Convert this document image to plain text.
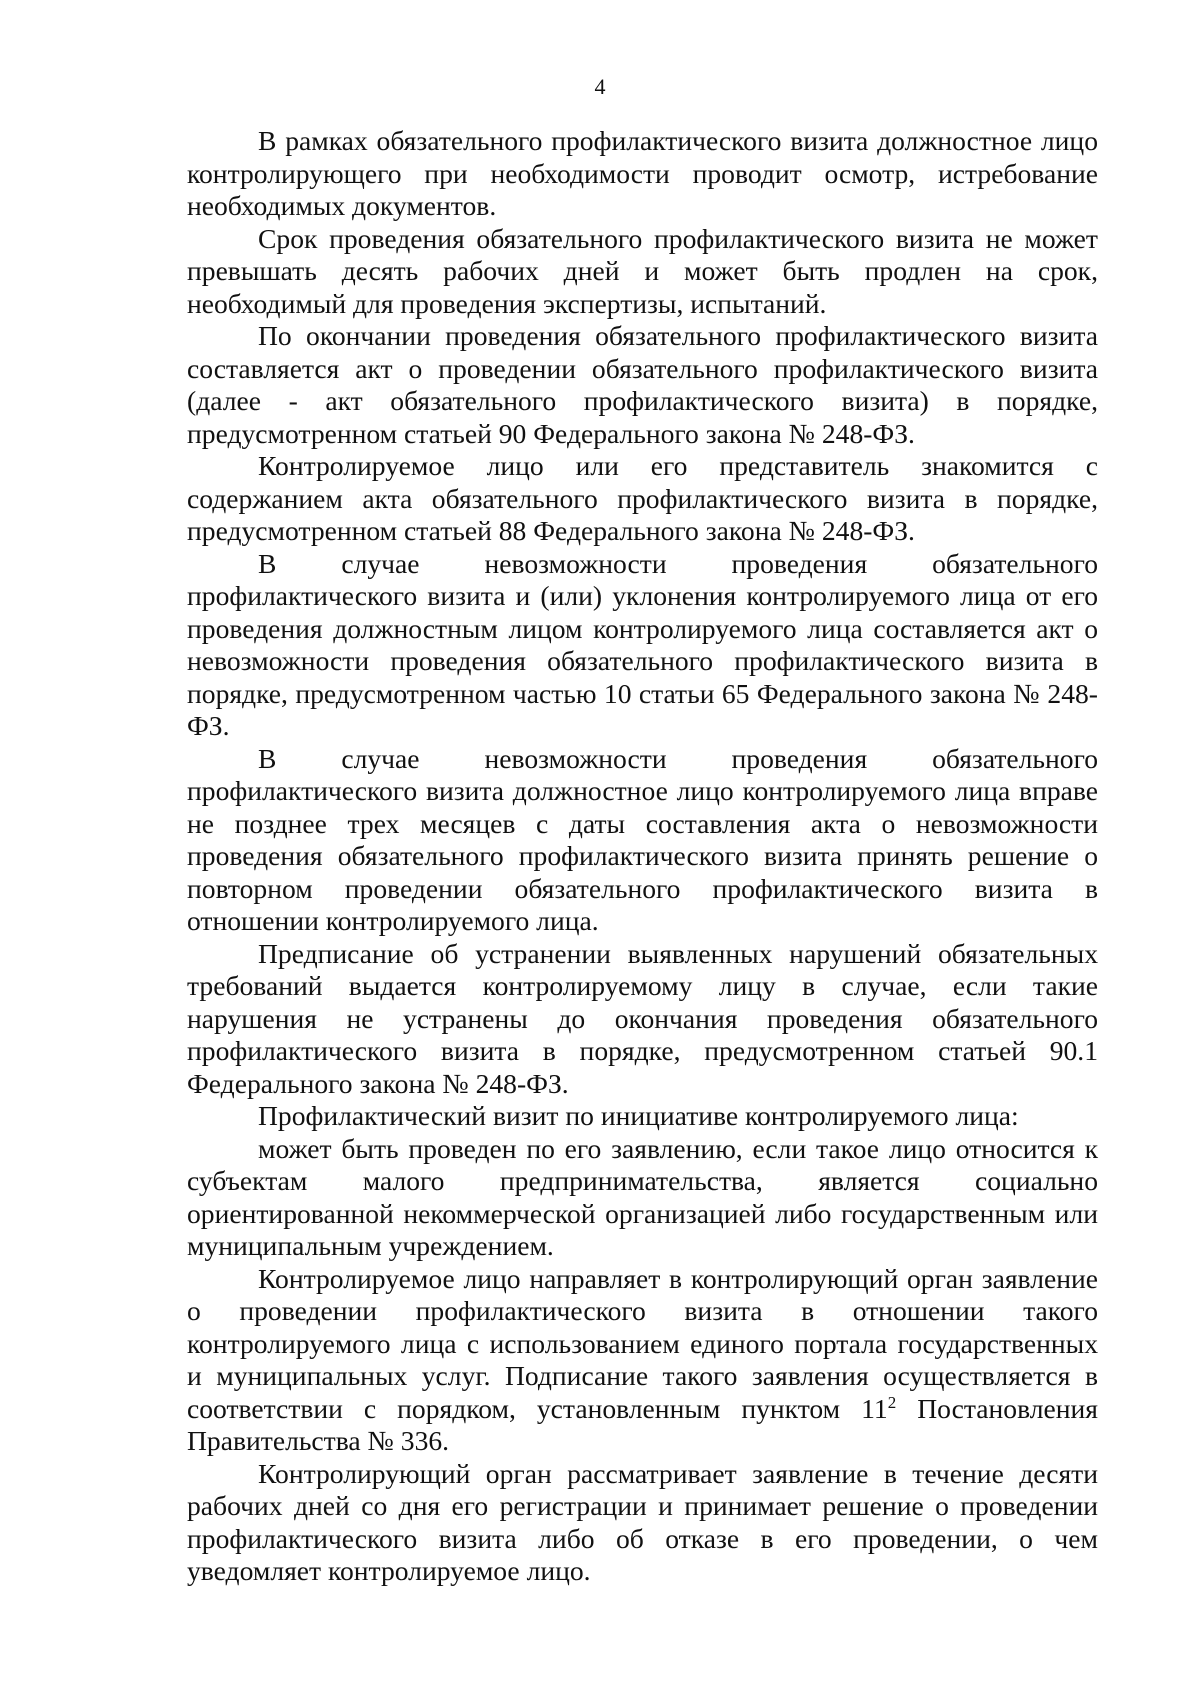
4

В рамках обязательного профилактического визита должностное лицо контролирующего при необходимости проводит осмотр, истребование необходимых документов.

Срок проведения обязательного профилактического визита не может превышать десять рабочих дней и может быть продлен на срок, необходимый для проведения экспертизы, испытаний.

По окончании проведения обязательного профилактического визита составляется акт о проведении обязательного профилактического визита (далее - акт обязательного профилактического визита) в порядке, предусмотренном статьей 90 Федерального закона № 248-ФЗ.

Контролируемое лицо или его представитель знакомится с содержанием акта обязательного профилактического визита в порядке, предусмотренном статьей 88 Федерального закона № 248-ФЗ.

В случае невозможности проведения обязательного профилактического визита и (или) уклонения контролируемого лица от его проведения должностным лицом контролируемого лица составляется акт о невозможности проведения обязательного профилактического визита в порядке, предусмотренном частью 10 статьи 65 Федерального закона № 248-ФЗ.

В случае невозможности проведения обязательного профилактического визита должностное лицо контролируемого лица вправе не позднее трех месяцев с даты составления акта о невозможности проведения обязательного профилактического визита принять решение о повторном проведении обязательного профилактического визита в отношении контролируемого лица.

Предписание об устранении выявленных нарушений обязательных требований выдается контролируемому лицу в случае, если такие нарушения не устранены до окончания проведения обязательного профилактического визита в порядке, предусмотренном статьей 90.1 Федерального закона № 248-ФЗ.

Профилактический визит по инициативе контролируемого лица:

может быть проведен по его заявлению, если такое лицо относится к субъектам малого предпринимательства, является социально ориентированной некоммерческой организацией либо государственным или муниципальным учреждением.

Контролируемое лицо направляет в контролирующий орган заявление о проведении профилактического визита в отношении такого контролируемого лица с использованием единого портала государственных и муниципальных услуг. Подписание такого заявления осуществляется в соответствии с порядком, установленным пунктом $11^2$ Постановления Правительства № 336.

Контролирующий орган рассматривает заявление в течение десяти рабочих дней со дня его регистрации и принимает решение о проведении профилактического визита либо об отказе в его проведении, о чем уведомляет контролируемое лицо.
